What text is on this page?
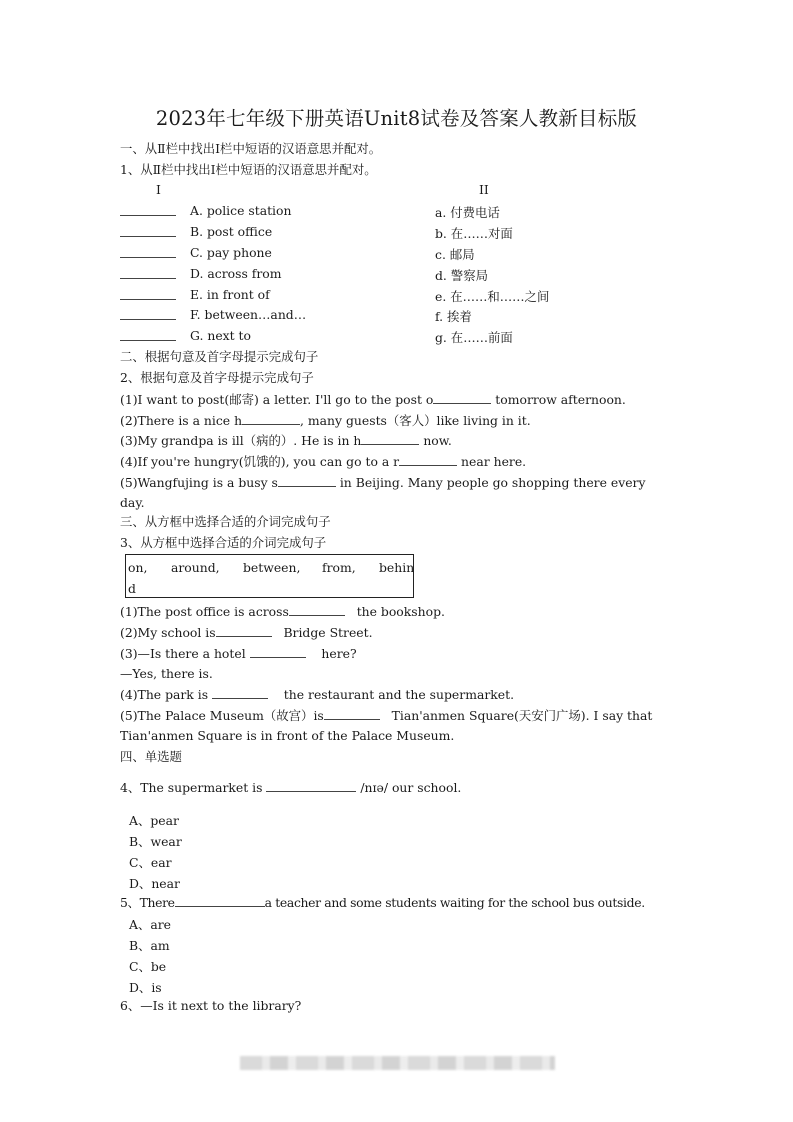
2023年七年级下册英语Unit8试卷及答案人教新目标版
一、从Ⅱ栏中找出Ⅰ栏中短语的汉语意思并配对。
1、从Ⅱ栏中找出Ⅰ栏中短语的汉语意思并配对。
I	II
A. police station	a. 付费电话
B. post office	b. 在……对面
C. pay phone	c. 邮局
D. across from	d. 警察局
E. in front of	e. 在……和……之间
F. between…and…	f. 挨着
G. next to	g. 在……前面
二、根据句意及首字母提示完成句子
2、根据句意及首字母提示完成句子
(1)I want to post(邮寄) a letter. I'll go to the post o	tomorrow afternoon.
(2)There is a nice h	, many guests（客人）like living in it.
(3)My grandpa is ill（病的）. He is in h	now.
(4)If you're hungry(饥饿的), you can go to a r	near here.
(5)Wangfujing is a busy s	in Beijing. Many people go shopping there every
day.
三、从方框中选择合适的介词完成句子
3、从方框中选择合适的介词完成句子
on, around, between, from, behin
d
(1)The post office is across	the bookshop.
(2)My school is	Bridge Street.
(3)—Is there a hotel	here?
—Yes, there is.
(4)The park is	the restaurant and the supermarket.
(5)The Palace Museum（故宫）is	Tian'anmen Square(天安门广场). I say that
Tian'anmen Square is in front of the Palace Museum.
四、单选题
4、The supermarket is	/nɪə/ our school.
A、pear
B、wear
C、ear
D、near
5、There	a teacher and some students waiting for the school bus outside.
A、are
B、am
C、be
D、is
6、—Is it next to the library?
